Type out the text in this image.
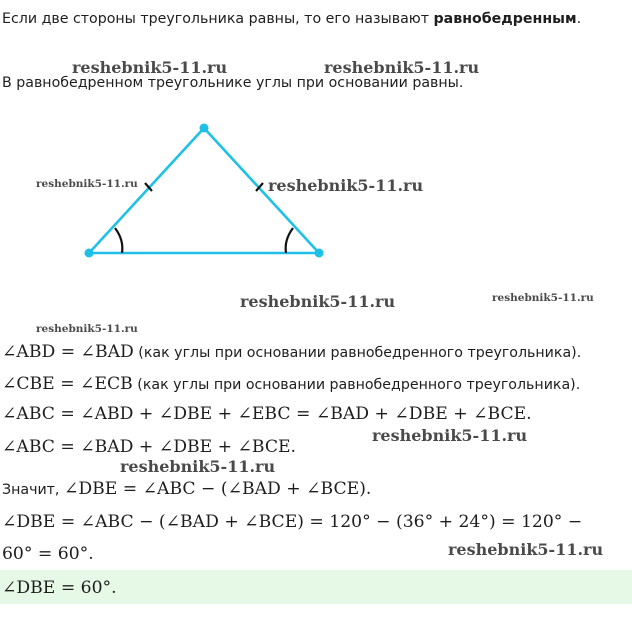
Если две стороны треугольника равны, то его называют равнобедренным.
reshebnik5-11.ru	reshebnik5-11.ru
В равнобедренном треугольнике углы при основании равны.
reshebnik5-11.ru	reshebnik5-11.ru
reshebnik5-11.ru	reshebnik5-11.ru
reshebnik5-11.ru
∠ABD = ∠BAD (как углы при основании равнобедренного треугольника).
∠CBE = ∠ECB (как углы при основании равнобедренного треугольника).
∠ABC = ∠ABD + ∠DBE + ∠EBC = ∠BAD + ∠DBE + ∠BCE.
∠ABC = ∠BAD + ∠DBE + ∠BCE.
reshebnik5-11.ru
reshebnik5-11.ru
Значит, ∠DBE = ∠ABC − (∠BAD + ∠BCE).
∠DBE = ∠ABC − (∠BAD + ∠BCE) = 120° − (36° + 24°) = 120° −
60° = 60°.	reshebnik5-11.ru
∠DBE = 60°.
